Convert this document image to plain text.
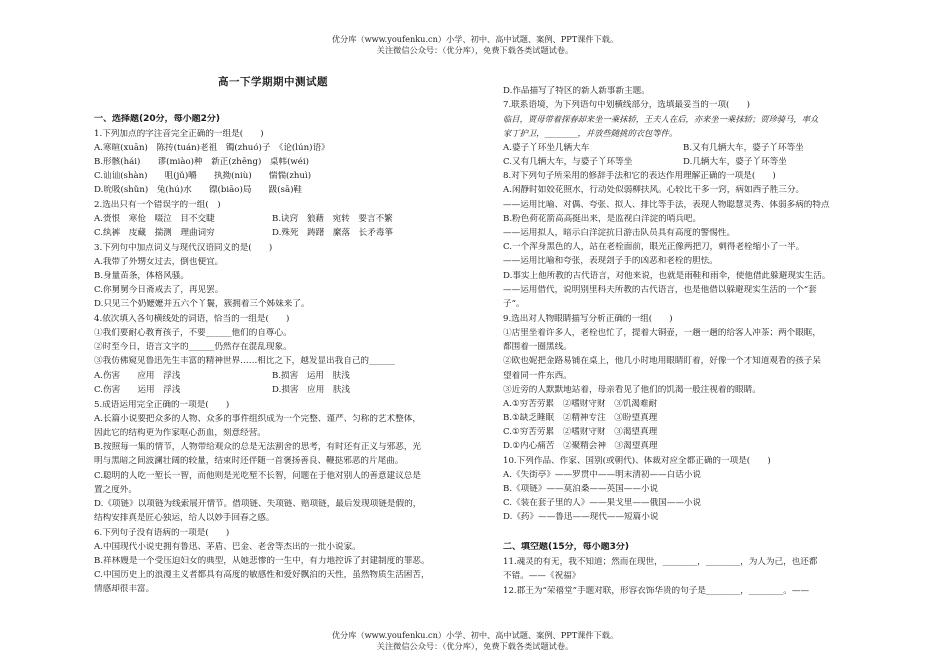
优分库（www.youfenku.cn）小学、初中、高中试题、案例、PPT课件下载。
关注微信公众号：（优分库），免费下载各类试题试卷。
高一下学期期中测试题
一、选择题(20分，每小题2分)
1.下列加点的字注音完全正确的一组是(　　)
A.寒暄(xuān)　陈抟(tuán)老祖　镯(zhuó)子　《论(lún)语》
B.形骸(hái)　　谬(miào)种　新正(zhēng)　桌帏(wéi)
C.讪讪(shàn)　　咀(jǔ)嚼　　执拗(niù)　　惴惴(zhuì)
D.吮吸(shǔn)　兔(hú)水　　镖(biāo)局　　趿(sā)鞋
2.选出只有一个错误字的一组(　)
A.赍恨　寒伧　啜泣　目不交睫	B.诀窍　狼藉　宛转　要言不繁
C.纨裤　庋藏　揣测　理曲词穷	D.殊死　踌躇　縻落　长矛毒箏
3.下列句中加点词义与现代汉语同义的是(　　)
A.我带了外甥女过去，倒也便宜。
B.身量苗条，体格风骚。
C.你舅舅今日斋戒去了，再见罢。
D.只见三个奶嬷嬷并五六个丫鬟，簇拥着三个姊妹来了。
4.依次填入各句横线处的词语，恰当的一组是(　　)
①我们要耐心教育孩子，不要______他们的自尊心。
②时至今日，语言文字的______仍然存在混乱现象。
③我仿佛窥见鲁迅先生丰富的精神世界……相比之下，越发显出我自己的______
A.伤害　　应用　浮浅	B.损害　运用　肤浅
C.伤害　　运用　浮浅	D.损害　应用　肤浅
5.成语运用完全正确的一项是(　　)
A.长篇小说要把众多的人物、众多的事件组织成为一个完整、谨严、匀称的艺术整体，
因此它的结构更为作家呕心沥血，刻意经营。
B.按照每一集的情节，人物带给观众的总是无法割舍的思考，有时还有正义与邪恶，光
明与黑暗之间波澜壮阔的较量，结束时还伴随一首褒扬善良、鞭挞邪恶的片尾曲。
C.聪明的人吃一堑长一智，而他则是光吃堑不长智，问题在于他对别人的善意建议总是
置之度外。
D.《项链》以项链为线索展开情节。借项链、失项链、赔项链，最后发现项链是假的，
结构安排真是匠心独运，给人以妙手回春之感。
6.下列句子没有语病的一项是(　　)
A.中国现代小说史拥有鲁迅、茅盾、巴金、老舍等杰出的一批小说家。
B.祥林嫂是一个受压迫妇女的典型，从她悲惨的一生中，有力地控诉了封建制度的罪恶。
C.中国历史上的浪漫主义者都具有高度的敏感性和爱好飘泊的天性，虽然物质生活困苦，
情感却很丰富。
D.作品描写了特区的新人新事新主题。
7.联系语境，为下列语句中划横线部分，选填最妥当的一项(　　)
临目，贾母带着探春却来坐一乘抹轿，王夫人在后，亦来坐一乘抹轿；贾珍骑马，率众
家丁护卫，________，并放些随挑的衣包等件。
A.婆子丫环坐几辆大车	B.又有几辆大车，婆子丫环等坐
C.又有几辆大车，与婆子丫环等坐	D.几辆大车，婆子丫环等坐
8.对下列句子所采用的修辞手法和它的表达作用理解正确的一项是(　　)
A.闲静时如姣花照水，行动处似弱柳扶风。心较比干多一窍，病如西子胜三分。
——运用比喻、对偶、夸张、拟人、排比等手法，表现人物聪慧灵秀、体弱多病的特点
B.粉色荷花箭高高挺出来，是监视白洋淀的哨兵吧。
——运用拟人，暗示白洋淀抗日游击队员具有高度的警惕性。
C.一个浑身黑色的人，站在老栓面前，眼光正像两把刀，刺得老栓缩小了一半。
——运用比喻和夸张，表现刽子手的凶恶和老栓的胆怯。
D.事实上他所教的古代语言，对他来说，也就是雨鞋和雨伞，使他借此躲避现实生活。
——运用借代，说明别里科夫所教的古代语言，也是他借以躲避现实生活的一个“套
子”。
9.选出对人物眼睛描写分析正确的一组(　　)
①店里坐着许多人，老栓也忙了，提着大铜壶，一趟一趟的给客人冲茶；两个眼眶，
都围着一圈黑线。
②欧也妮把金路易铺在桌上，他几小时地用眼睛盯着，好像一个才知道观看的孩子呆
望着同一件东西。
③近旁的人默默地站着，母亲看见了他们的饥渴一般注视着的眼睛。
A.①穷苦劳累　②嗜财守财　③饥渴难耐
B.①缺乏睡眠　②精神专注　③盼望真理
C.①穷苦劳累　②嗜财守财　③渴望真理
D.①内心痛苦　②聚精会神　③渴望真理
10.下列作品、作家、国别(或朝代)、体裁对应全都正确的一项是(　　)
A.《失街亭》——罗贯中——明末清初——白话小说
B.《项链》——莫泊桑——英国——小说
C.《装在套子里的人》——果戈里——俄国——小说
D.《药》——鲁迅——现代——短篇小说
二、填空题(15分，每小题3分)
11.魂灵的有无，我不知道；然而在现世，________，________，为人为己，也还都
不错。——《祝福》
12.郡王为“荣禧堂”手题对联，形容衣饰华贵的句子是________，________。——
优分库（www.youfenku.cn）小学、初中、高中试题、案例、PPT课件下载。
关注微信公众号：（优分库），免费下载各类试题试卷。
